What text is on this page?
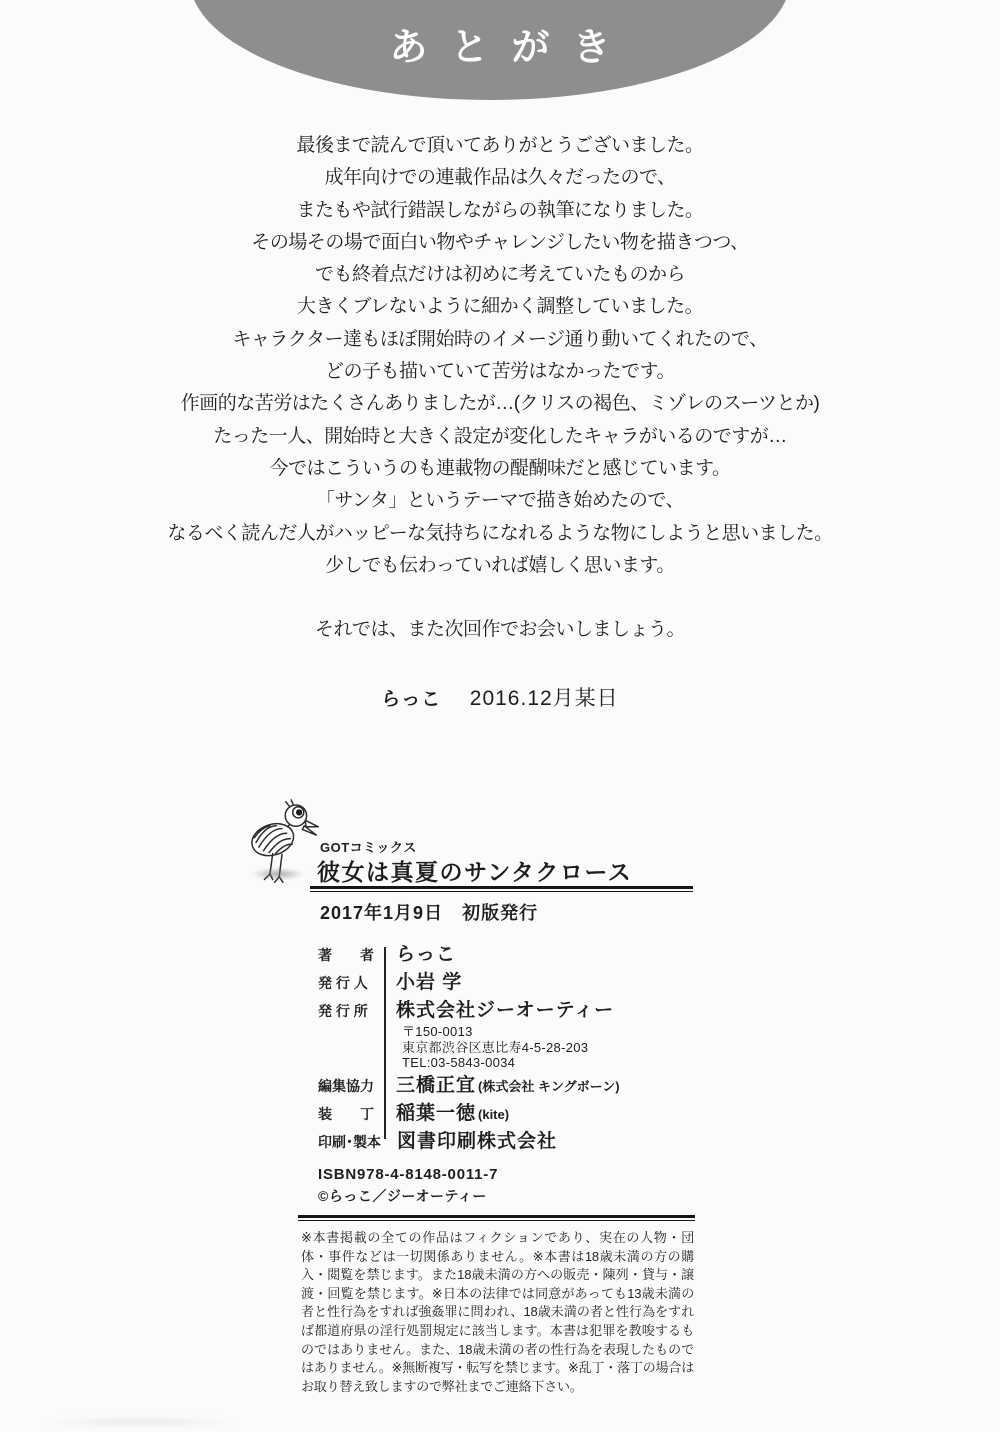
あとがき
最後まで読んで頂いてありがとうございました。
成年向けでの連載作品は久々だったので、
またもや試行錯誤しながらの執筆になりました。
その場その場で面白い物やチャレンジしたい物を描きつつ、
でも終着点だけは初めに考えていたものから
大きくブレないように細かく調整していました。
キャラクター達もほぼ開始時のイメージ通り動いてくれたので、
どの子も描いていて苦労はなかったです。
作画的な苦労はたくさんありましたが…(クリスの褐色、ミゾレのスーツとか)
たった一人、開始時と大きく設定が変化したキャラがいるのですが…
今ではこういうのも連載物の醍醐味だと感じています。
「サンタ」というテーマで描き始めたので、
なるべく読んだ人がハッピーな気持ちになれるような物にしようと思いました。
少しでも伝わっていれば嬉しく思います。
それでは、また次回作でお会いしましょう。
らっこ 2016.12月某日
GOTコミックス
彼女は真夏のサンタクロース
2017年1月9日　初版発行
著　　者	らっこ
発 行 人	小岩 学
発 行 所	株式会社ジーオーティー
〒150-0013
東京都渋谷区恵比寿4-5-28-203
TEL:03-5843-0034
編集協力	三橋正宜 (株式会社 キングボーン)
装　　丁	稲葉一徳 (kite)
印刷･製本 図書印刷株式会社
ISBN978-4-8148-0011-7
©らっこ／ジーオーティー
※本書掲載の全ての作品はフィクションであり、実在の人物・団体・事件などは一切関係ありません。※本書は18歳未満の方の購入・閲覧を禁じます。また18歳未満の方への販売・陳列・貸与・譲渡・回覧を禁じます。※日本の法律では同意があっても13歳未満の者と性行為をすれば強姦罪に問われ、18歳未満の者と性行為をすれば都道府県の淫行処罰規定に該当します。本書は犯罪を教唆するものではありません。また、18歳未満の者の性行為を表現したものではありません。※無断複写・転写を禁じます。※乱丁・落丁の場合はお取り替え致しますので弊社までご連絡下さい。
